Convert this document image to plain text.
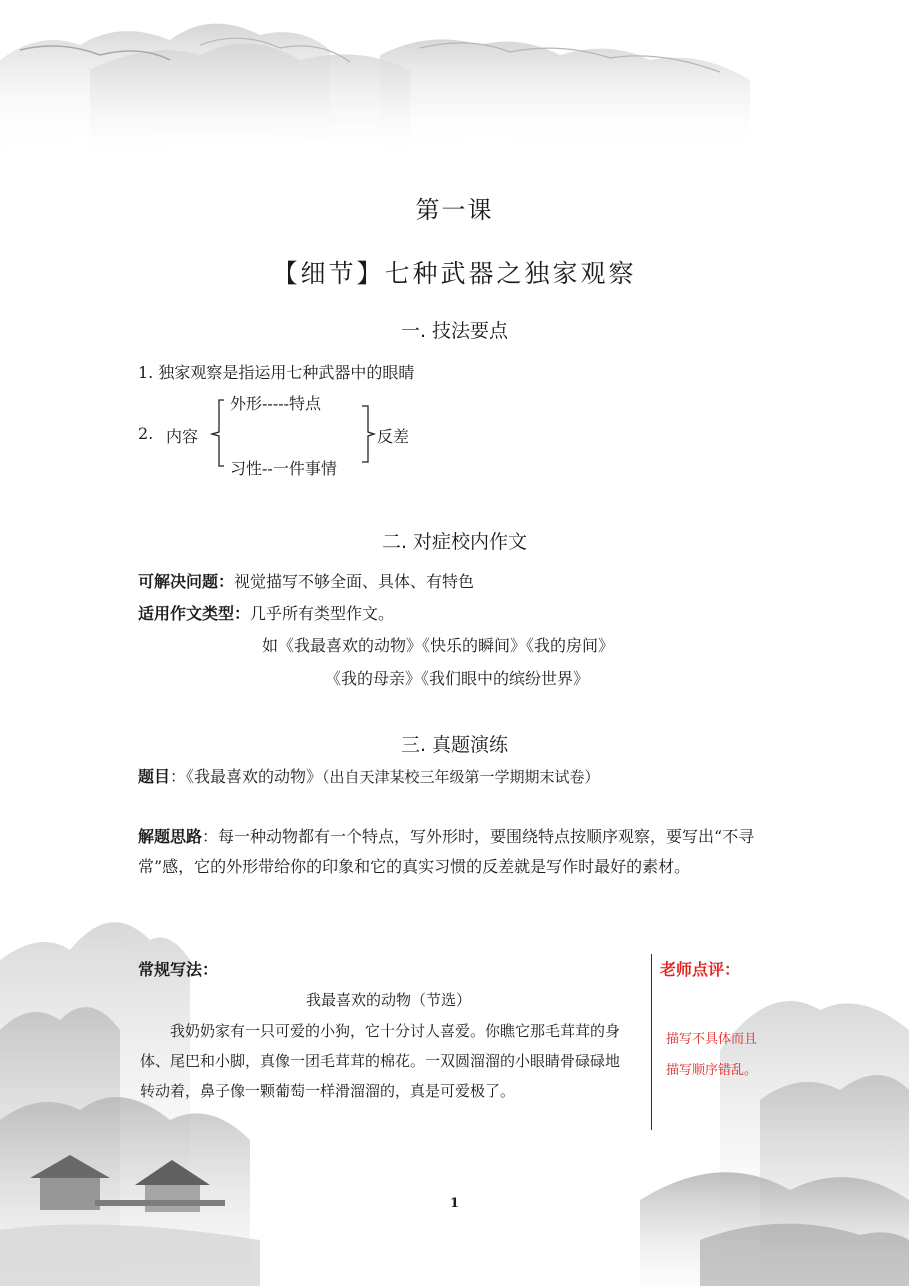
第一课
【细节】七种武器之独家观察
一. 技法要点
1. 独家观察是指运用七种武器中的眼睛
2. 内容
外形-----特点
习性--一件事情
反差
二. 对症校内作文
可解决问题：视觉描写不够全面、具体、有特色
适用作文类型：几乎所有类型作文。
如《我最喜欢的动物》《快乐的瞬间》《我的房间》
《我的母亲》《我们眼中的缤纷世界》
三. 真题演练
题目：《我最喜欢的动物》（出自天津某校三年级第一学期期末试卷）
解题思路：每一种动物都有一个特点，写外形时，要围绕特点按顺序观察，要写出“不寻常”感，它的外形带给你的印象和它的真实习惯的反差就是写作时最好的素材。
常规写法：
我最喜欢的动物（节选）
我奶奶家有一只可爱的小狗，它十分讨人喜爱。你瞧它那毛茸茸的身体、尾巴和小脚，真像一团毛茸茸的棉花。一双圆溜溜的小眼睛骨碌碌地转动着，鼻子像一颗葡萄一样滑溜溜的，真是可爱极了。
老师点评：
描写不具体而且
描写顺序错乱。
1
